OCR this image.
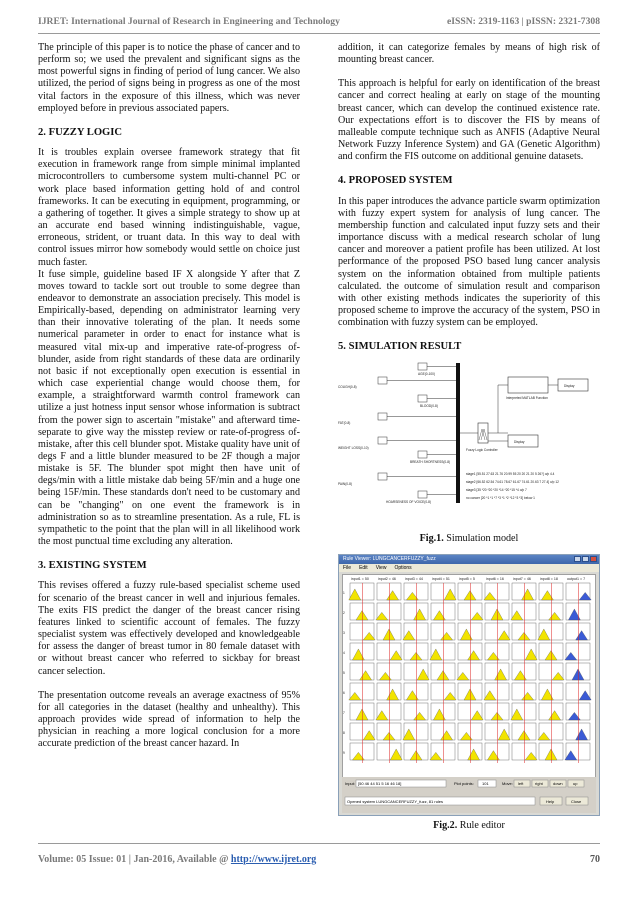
IJRET: International Journal of Research in Engineering and Technology	eISSN: 2319-1163 | pISSN: 2321-7308

The principle of this paper is to notice the phase of cancer and to perform so; we used the prevalent and significant signs as the most powerful signs in finding of period of lung cancer. We also utilized, the period of signs being in progress as one of the most vital factors in the exposure of this illness, which was never employed before in previous associated papers.

2. FUZZY LOGIC

It is troubles explain oversee framework strategy that fit execution in framework range from simple minimal implanted microcontrollers to cumbersome system multi-channel PC or work place based information getting hold of and control frameworks. It can be executing in equipment, programming, or a gathering of together. It gives a simple strategy to show up at an accurate end based winning indistinguishable, vague, erroneous, strident, or truant data. In this way to deal with control issues mirror how somebody would settle on choice just much faster.

It fuse simple, guideline based IF X alongside Y after that Z moves toward to tackle sort out trouble to some degree than endeavor to demonstrate an association precisely. This model is Empirically-based, depending on administrator learning very than their innovative tolerating of the plan. It needs some numerical parameter in order to enact for instance what is measured vital mix-up and imperative rate-of-progress of-blunder, aside from right standards of these data are ordinarily not basic if not exceptionally open execution is essential in which case experiential change would choose them, for example, a straightforward warmth control framework can utilize a just hotness input sensor whose information is subtract from the power sign to ascertain "mistake" and afterward time-separate to give way the misstep review or rate-of-progress of-mistake, after this cell blunder spot. Mistake quality have unit of degs F and a little blunder measured to be 2F though a major mistake is 5F. The blunder spot might then have unit of degs/min with a little mistake dab being 5F/min and a huge one being 15F/min. These standards don't need to be customary and can be "changing" on one event the framework is in administration so as to streamline presentation. As a rule, FL is sympathetic to the point that the plan will in all likelihood work the most punctual time excluding any alteration.

3. EXISTING SYSTEM

This revises offered a fuzzy rule-based specialist scheme used for scenario of the breast cancer in well and injurious females. The exits FIS predict the danger of the breast cancer rising features linked to scientific account of females. The fuzzy specialist system was effectively developed and knowledgeable for assess the danger of breast tumor in 80 female dataset with or without breast cancer who referred to sickbay for breast cancer selection.

The presentation outcome reveals an average exactness of 95% for all categories in the dataset (healthy and unhealthy). This approach provides wide spread of information to help the physician in reaching a more logical conclusion for a more accurate prediction of the breast cancer hazard. In

addition, it can categorize females by means of high risk of mounting breast cancer.

This approach is helpful for early on identification of the breast cancer and correct healing at early on stage of the mounting breast cancer, which can develop the continued existence rate. Our expectations effort is to discover the FIS by means of malleable compute technique such as ANFIS (Adaptive Neural Network Fuzzy Inference System) and GA (Genetic Algorithm) and confirm the FIS outcome on additional genuine datasets.

4. PROPOSED SYSTEM

In this paper introduces the advance particle swarm optimization with fuzzy expert system for analysis of lung cancer. The membership function and calculated input fuzzy sets and their importance discuss with a medical research scholar of lung cancer and moreover a patient profile has been utilized. At lost performance of the proposed PSO based lung cancer analysis system on the information obtained from multiple patients calculated. the outcome of simulation result and comparison with other existing methods indicates the superiority of this proposed scheme to improve the accuracy of the system, PSO in combination with fuzzy system can be employed.

5. SIMULATION RESULT
AGE(0-100)
COUGH(0-8)
BLOOD(0-8)
FAT(0-8)
WEIGHT LOSS(0-10)
BREATH SHORTNESS(0-8)
PAIN(0-8)
HOARSENESS OF VOICE(0-8)
Fuzzy Logic Controller
Interpreted MATLAB Function
Display
Display
stage1 [55.51 27.63 21.76 20.99 55 20 20 21 20 5 26?] o/p 4.4
stage2 [66.52 62.54 74.61 78.67 61.67 74.61 20.63 7 27.4] o/p 12
stage3 [35 *20 *20 *20 *14 *20 *15 *4 o/p 7
no cancer [20 *1 *1 *7 *3 *1 *2 *12 *3 *3] below 1
Fig.1. Simulation model
Rule Viewer: LUNGCANCERFUZZY_fuzz
File Edit View Options
input1 = 50	input2 = 46	input3 = 44	input4 = 51	input5 = 5	input6 = 16	input7 = 46	input8 = 18	output1 = 7
1
2
3
4
5
6
7
8
9
Input: [50 46 44 51 5 16 46 18]	Plot points: 101	Move: left	right	down	up
Opened system LUNGCANCERFUZZY_fuzz, 81 rules	Help	Close
Fig.2. Rule editor
Volume: 05 Issue: 01 | Jan-2016, Available @ http://www.ijret.org	70
